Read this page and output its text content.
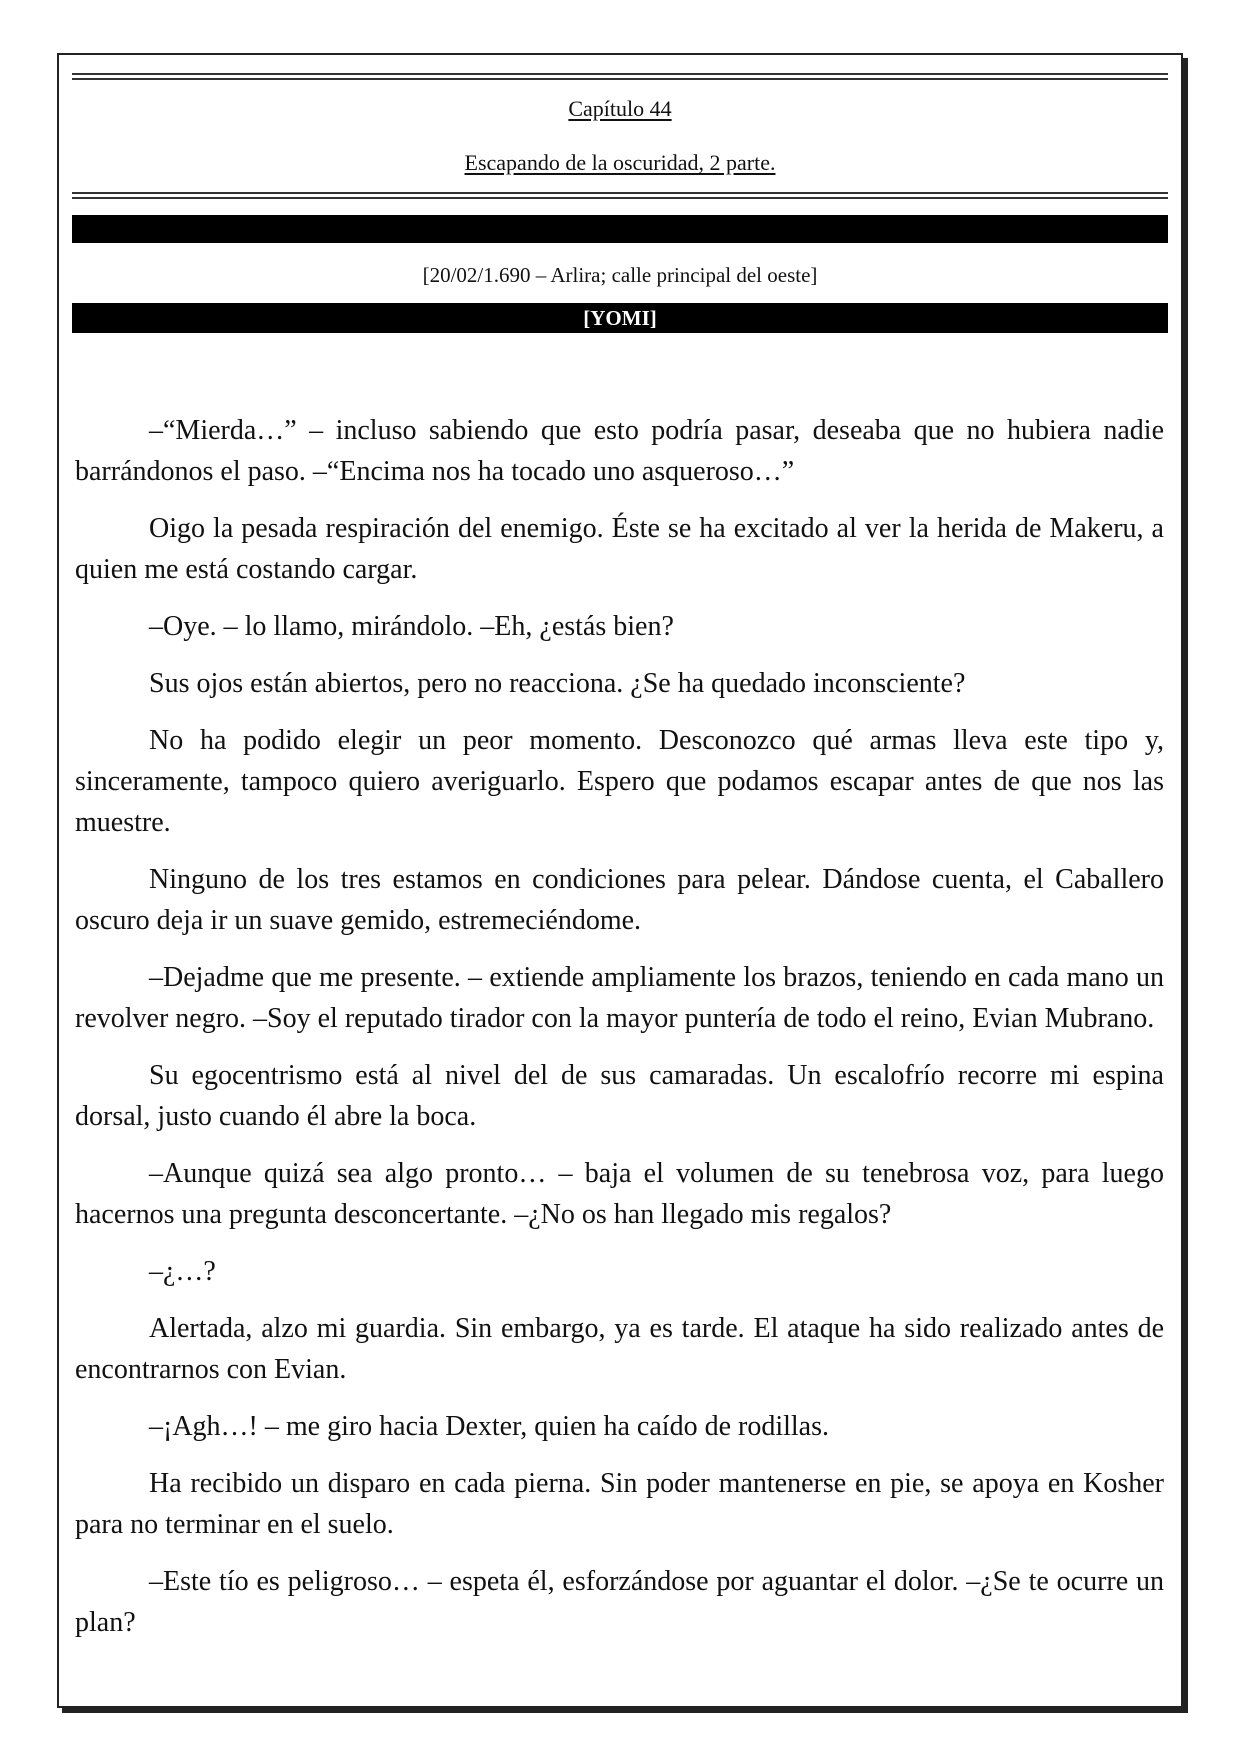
Capítulo 44
Escapando de la oscuridad, 2 parte.
[20/02/1.690 – Arlira; calle principal del oeste]
[YOMI]

–“Mierda…” – incluso sabiendo que esto podría pasar, deseaba que no hubiera nadie barrándonos el paso. –“Encima nos ha tocado uno asqueroso…”

Oigo la pesada respiración del enemigo. Éste se ha excitado al ver la herida de Makeru, a quien me está costando cargar.

–Oye. – lo llamo, mirándolo. –Eh, ¿estás bien?

Sus ojos están abiertos, pero no reacciona. ¿Se ha quedado inconsciente?

No ha podido elegir un peor momento. Desconozco qué armas lleva este tipo y, sinceramente, tampoco quiero averiguarlo. Espero que podamos escapar antes de que nos las muestre.

Ninguno de los tres estamos en condiciones para pelear. Dándose cuenta, el Caballero oscuro deja ir un suave gemido, estremeciéndome.

–Dejadme que me presente. – extiende ampliamente los brazos, teniendo en cada mano un revolver negro. –Soy el reputado tirador con la mayor puntería de todo el reino, Evian Mubrano.

Su egocentrismo está al nivel del de sus camaradas. Un escalofrío recorre mi espina dorsal, justo cuando él abre la boca.

–Aunque quizá sea algo pronto… – baja el volumen de su tenebrosa voz, para luego hacernos una pregunta desconcertante. –¿No os han llegado mis regalos?

–¿…?

Alertada, alzo mi guardia. Sin embargo, ya es tarde. El ataque ha sido realizado antes de encontrarnos con Evian.

–¡Agh…! – me giro hacia Dexter, quien ha caído de rodillas.

Ha recibido un disparo en cada pierna. Sin poder mantenerse en pie, se apoya en Kosher para no terminar en el suelo.

–Este tío es peligroso… – espeta él, esforzándose por aguantar el dolor. –¿Se te ocurre un plan?
